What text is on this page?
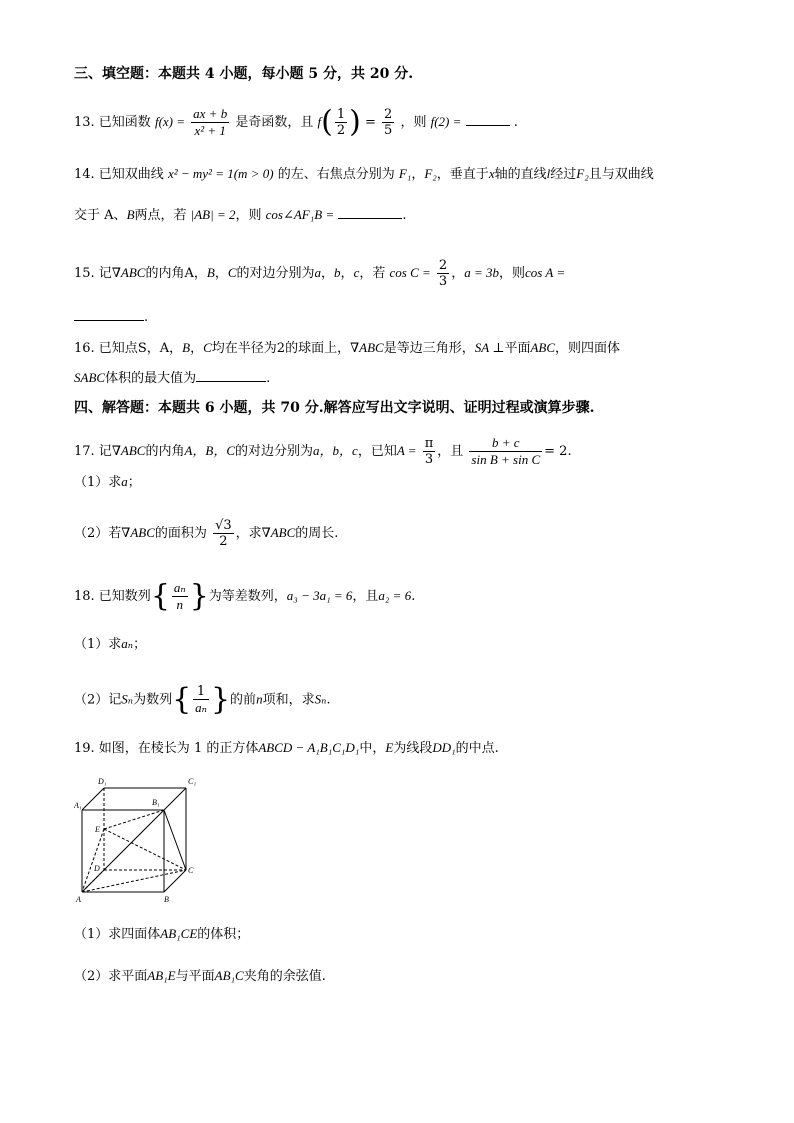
三、填空题：本题共 4 小题，每小题 5 分，共 20 分.
13. 已知函数 $f(x) = \frac{ax + b}{\text{x² + 1}}$ 是奇函数，且 $f( \frac{1}{2}$ ) = $\frac{2}{5}$ ，则 f(2) =	.
14. 已知双曲线 x² − my² = 1(m > 0) 的左、右焦点分别为 F₁，F₂，垂直于x轴的直线l经过F₂且与双曲线
交于 A、B两点，若 |AB| = 2，则 cos∠AF₁B =	.
15. 记∇ABC的内角A，B，C的对边分别为a，b，c，若 $\cos C = \frac{2}{3}$ ，a = 3b，则cos A =
.
16. 已知点S，A，B，C均在半径为2的球面上，∇ABC是等边三角形，SA ⊥平面ABC，则四面体
SABC体积的最大值为	.
四、解答题：本题共 6 小题，共 70 分.解答应写出文字说明、证明过程或演算步骤.
17. 记∇ABC的内角A，B，C的对边分别为a，b，c，已知$A = \frac{\pi}{3}$ ，且 $\frac{b + c}{\text{sin B + sin C}} = 2$.
（1）求a；
（2）若∇ABC的面积为 $\frac{√3}{2}$ ，求∇ABC的周长.
18. 已知数列{ $\frac{\text{aₙ}}{n}$ }为等差数列，a₃ − 3a₁ = 6，且a₂ = 6.
（1）求aₙ；
（2）记Sₙ为数列{ $\frac{1}{\text{aₙ}}$ }的前n项和，求Sₙ.
19. 如图，在棱长为 1 的正方体ABCD − A₁B₁C₁D₁中，E为线段DD₁的中点.
D₁	C₁
A₁	B₁
E
D	C
A	B
（1）求四面体AB₁CE的体积；
（2）求平面AB₁E与平面AB₁C夹角的余弦值.
